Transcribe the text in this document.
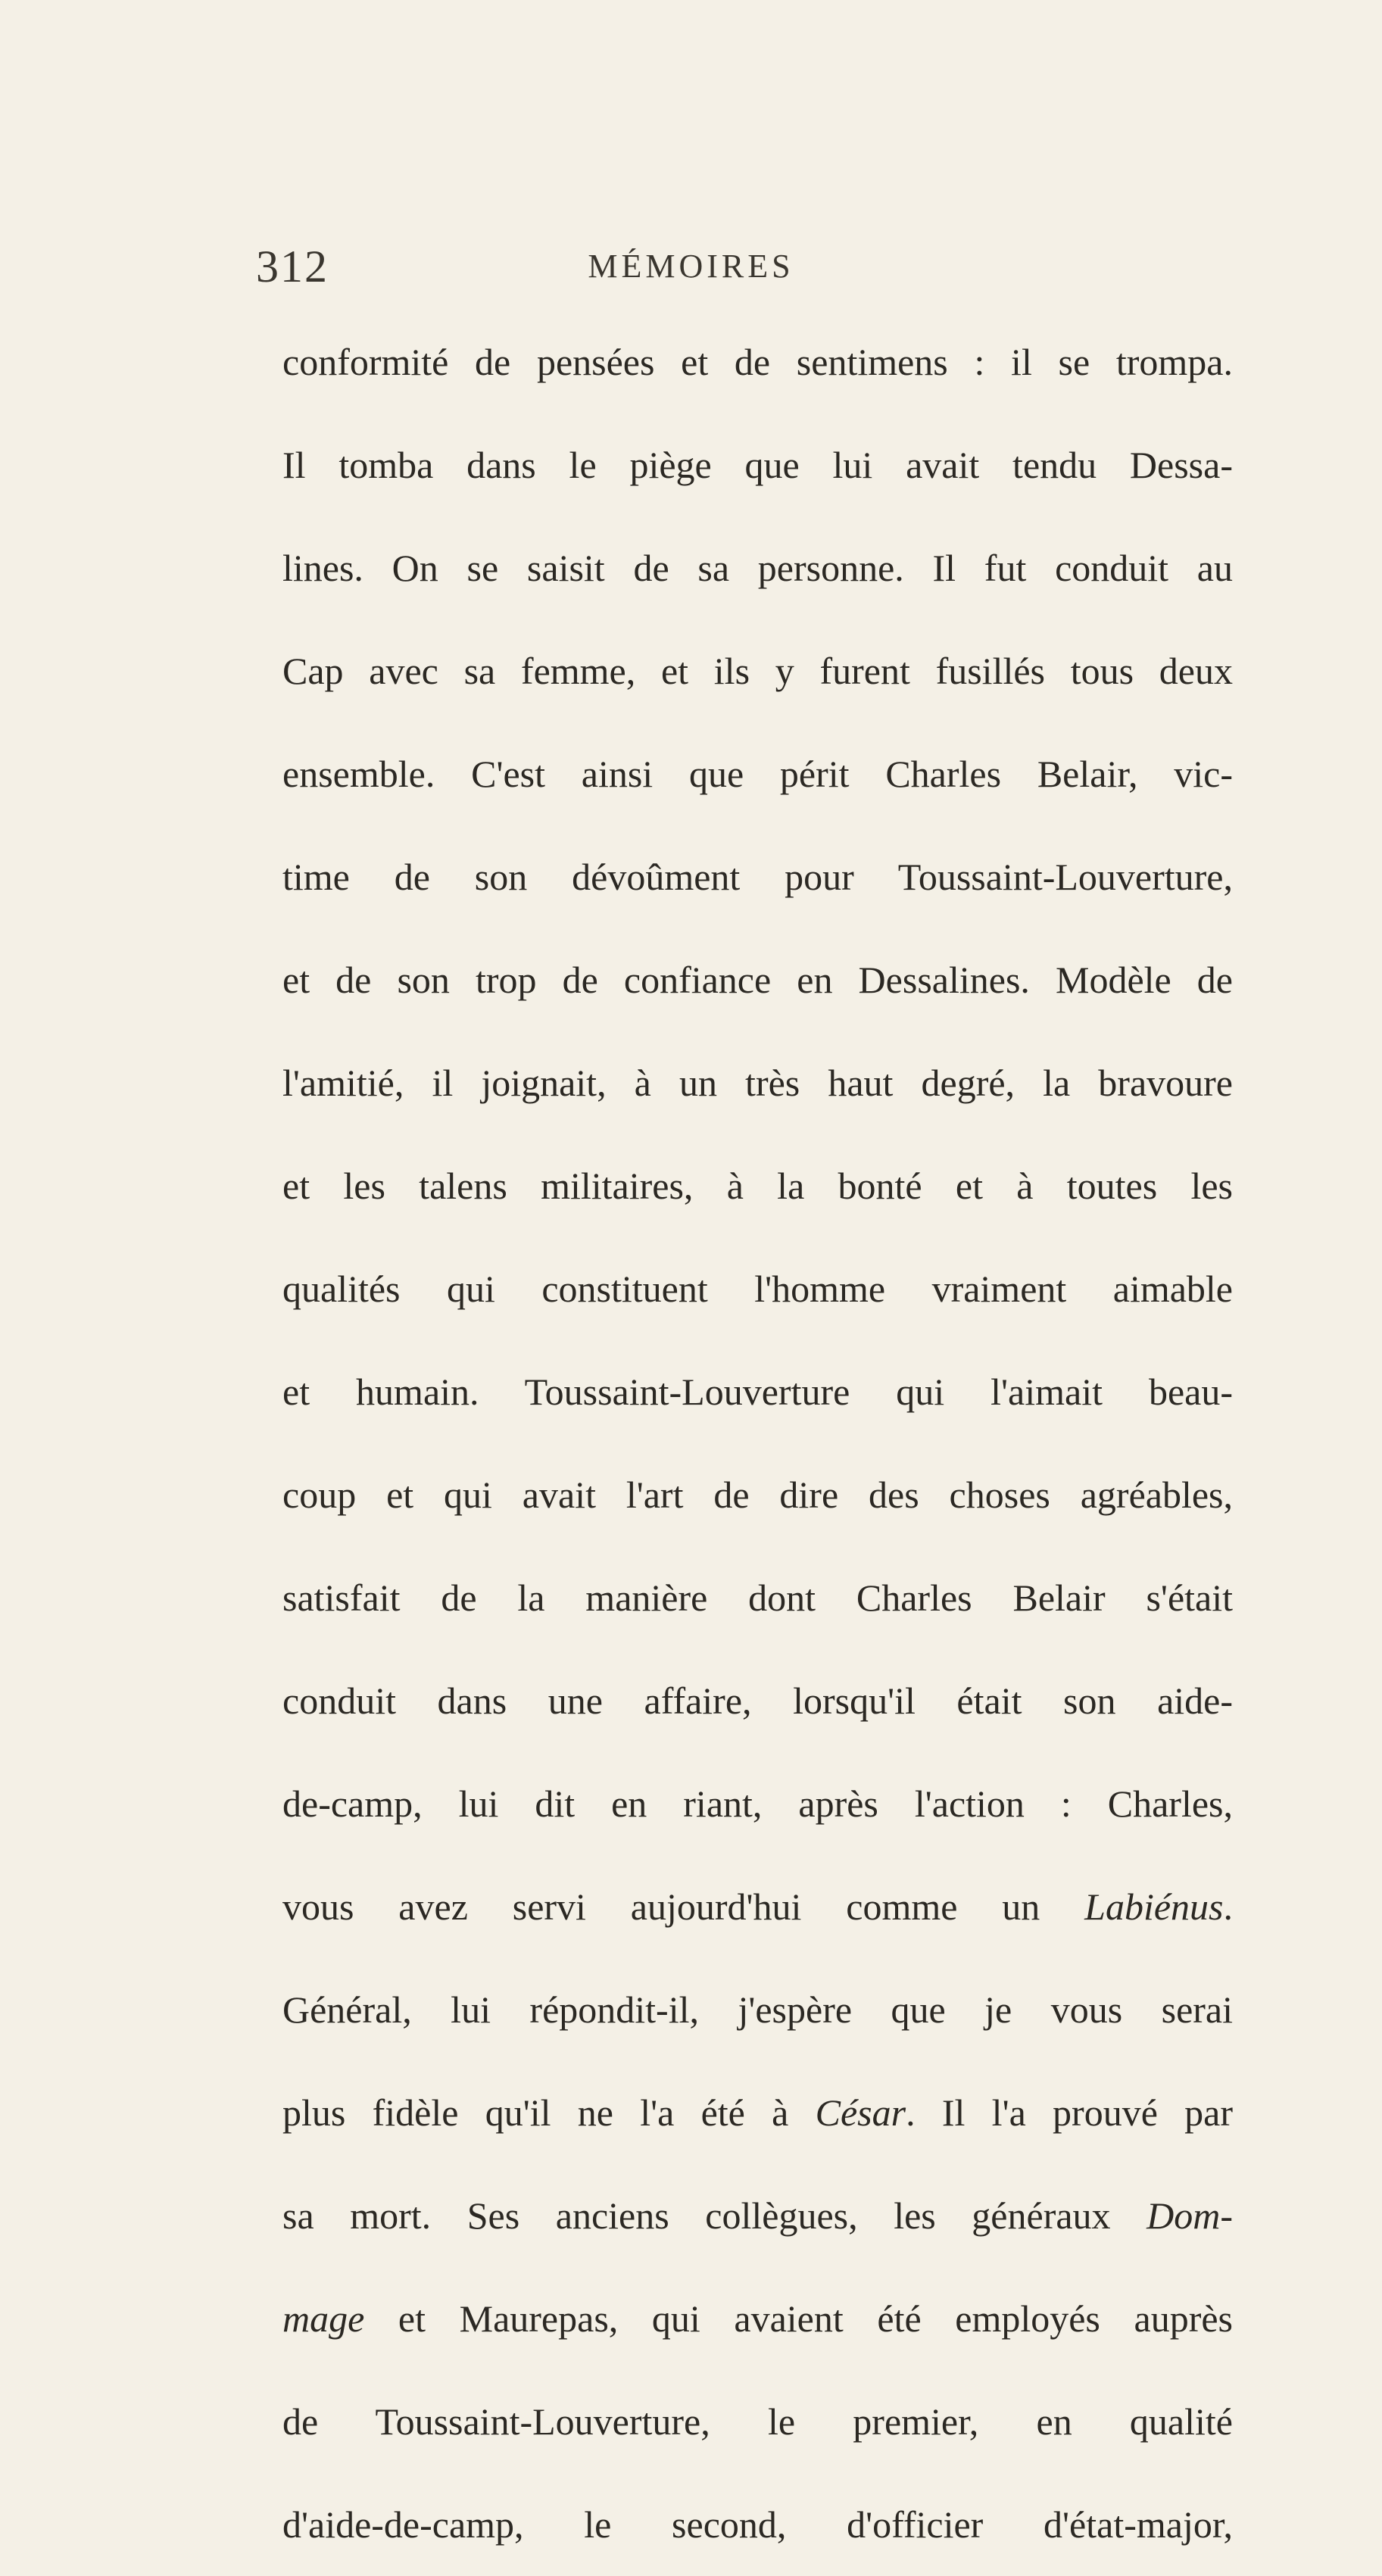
312	MÉMOIRES
conformité de pensées et de sentimens : il se trompa.
Il tomba dans le piège que lui avait tendu Dessa-
lines. On se saisit de sa personne. Il fut conduit au
Cap avec sa femme, et ils y furent fusillés tous deux
ensemble. C'est ainsi que périt Charles Belair, vic-
time de son dévoûment pour Toussaint-Louverture,
et de son trop de confiance en Dessalines. Modèle de
l'amitié, il joignait, à un très haut degré, la bravoure
et les talens militaires, à la bonté et à toutes les
qualités qui constituent l'homme vraiment aimable
et humain. Toussaint-Louverture qui l'aimait beau-
coup et qui avait l'art de dire des choses agréables,
satisfait de la manière dont Charles Belair s'était
conduit dans une affaire, lorsqu'il était son aide-
de-camp, lui dit en riant, après l'action : Charles,
vous avez servi aujourd'hui comme un Labiénus.
Général, lui répondit-il, j'espère que je vous serai
plus fidèle qu'il ne l'a été à César. Il l'a prouvé par
sa mort. Ses anciens collègues, les généraux Dom-
mage et Maurepas, qui avaient été employés auprès
de Toussaint-Louverture, le premier, en qualité
d'aide-de-camp, le second, d'officier d'état-major,
